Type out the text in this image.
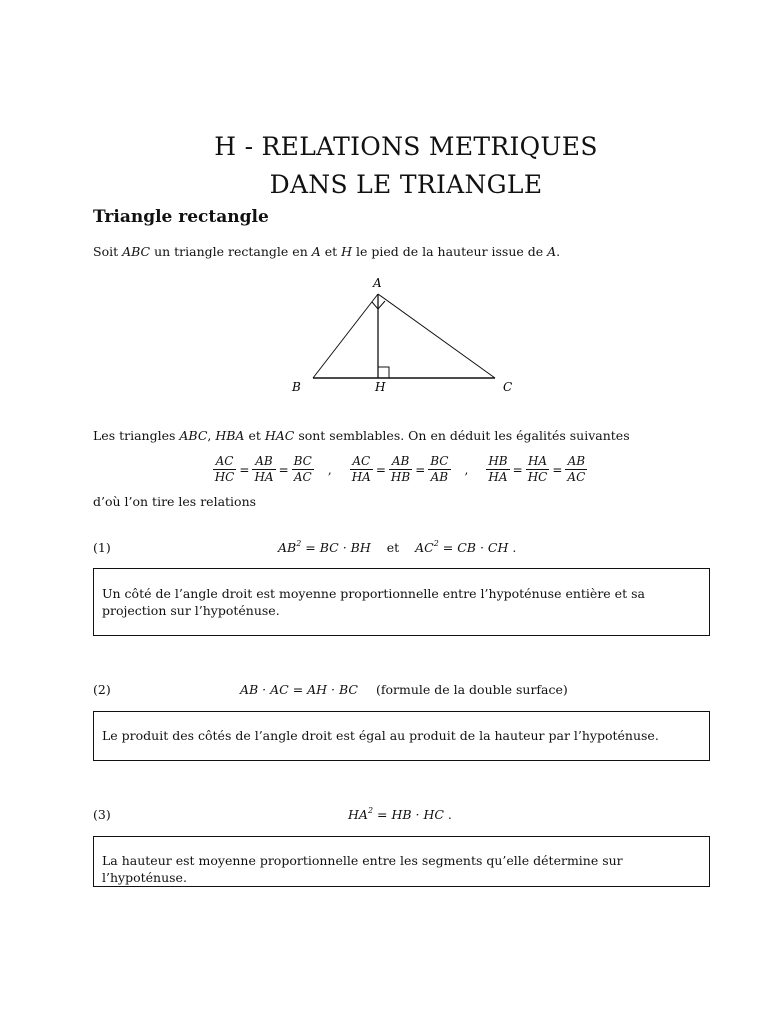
H - RELATIONS METRIQUES
DANS LE TRIANGLE
Triangle rectangle
Soit ABC un triangle rectangle en A et H le pied de la hauteur issue de A.
A
B	H	C
Les triangles ABC, HBA et HAC sont semblables. On en déduit les égalités suivantes
$\frac{AC}{HC} = \frac{AB}{HA} = \frac{BC}{AC}$ , $\frac{AC}{HA} = \frac{AB}{HB} = \frac{BC}{AB}$ , $\frac{HB}{HA} = \frac{HA}{HC} = \frac{AB}{AC}$
d’où l’on tire les relations
(1)	$AB^2$ = BC · BH et $AC^2$ = CB · CH .
Un côté de l’angle droit est moyenne proportionnelle entre l’hypoténuse entière et sa projection sur l’hypoténuse.
(2)	AB · AC = AH · BC (formule de la double surface)
Le produit des côtés de l’angle droit est égal au produit de la hauteur par l’hypoténuse.
(3)	$HA^2$ = HB · HC .
La hauteur est moyenne proportionnelle entre les segments qu’elle détermine sur l’hypoténuse.
